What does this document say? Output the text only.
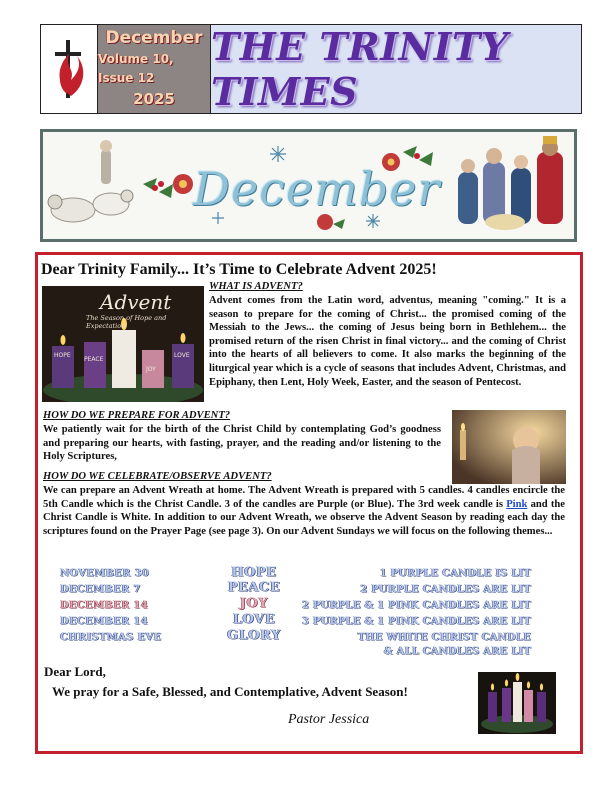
December
Volume 10, Issue 12
2025
THE TRINITY TIMES
December
Dear Trinity Family... It’s Time to Celebrate Advent 2025!
Advent
The Season of Hope and Expectation
HOPE
PEACE
JOY
LOVE
WHAT IS ADVENT?
Advent comes from the Latin word, adventus, meaning "coming." It is a season to prepare for the coming of Christ... the promised coming of the Messiah to the Jews... the coming of Jesus being born in Bethlehem... the promised return of the risen Christ in final victory... and the coming of Christ into the hearts of all believers to come. It also marks the beginning of the liturgical year which is a cycle of seasons that includes Advent, Christmas, and Epiphany, then Lent, Holy Week, Easter, and the season of Pentecost.
HOW DO WE PREPARE FOR ADVENT?
We patiently wait for the birth of the Christ Child by contemplating God’s goodness and preparing our hearts, with fasting, prayer, and the reading and/or listening to the Holy Scriptures,
HOW DO WE CELEBRATE/OBSERVE ADVENT?
We can prepare an Advent Wreath at home. The Advent Wreath is prepared with 5 candles. 4 candles encircle the 5th Candle which is the Christ Candle. 3 of the candles are Purple (or Blue). The 3rd week candle is Pink and the Christ Candle is White. In addition to our Advent Wreath, we observe the Advent Season by reading each day the scriptures found on the Prayer Page (see page 3). On our Advent Sundays we will focus on the following themes...
NOVEMBER 30	HOPE	1 PURPLE CANDLE IS LIT
DECEMBER 7	PEACE	2 PURPLE CANDLES ARE LIT
DECEMBER 14	JOY	2 PURPLE & 1 PINK CANDLES ARE LIT
DECEMBER 14	LOVE	3 PURPLE & 1 PINK CANDLES ARE LIT
CHRISTMAS EVE	GLORY	THE WHITE CHRIST CANDLE
& ALL CANDLES ARE LIT
Dear Lord,
We pray for a Safe, Blessed, and Contemplative, Advent Season!
Pastor Jessica
